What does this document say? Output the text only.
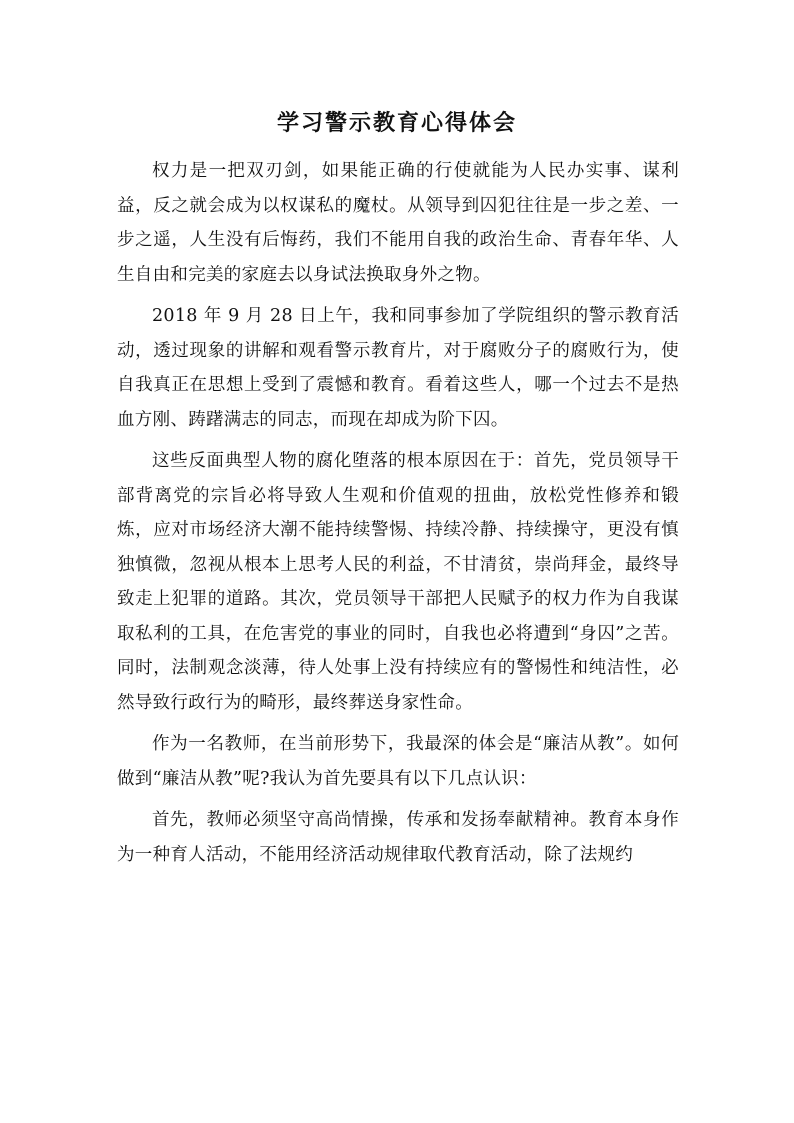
学习警示教育心得体会

权力是一把双刃剑，如果能正确的行使就能为人民办实事、谋利益，反之就会成为以权谋私的魔杖。从领导到囚犯往往是一步之差、一步之遥，人生没有后悔药，我们不能用自我的政治生命、青春年华、人生自由和完美的家庭去以身试法换取身外之物。

2018 年 9 月 28 日上午，我和同事参加了学院组织的警示教育活动，透过现象的讲解和观看警示教育片，对于腐败分子的腐败行为，使自我真正在思想上受到了震憾和教育。看着这些人，哪一个过去不是热血方刚、踌躇满志的同志，而现在却成为阶下囚。

这些反面典型人物的腐化堕落的根本原因在于：首先，党员领导干部背离党的宗旨必将导致人生观和价值观的扭曲，放松党性修养和锻炼，应对市场经济大潮不能持续警惕、持续冷静、持续操守，更没有慎独慎微，忽视从根本上思考人民的利益，不甘清贫，崇尚拜金，最终导致走上犯罪的道路。其次，党员领导干部把人民赋予的权力作为自我谋取私利的工具，在危害党的事业的同时，自我也必将遭到“身囚”之苦。同时，法制观念淡薄，待人处事上没有持续应有的警惕性和纯洁性，必然导致行政行为的畸形，最终葬送身家性命。

作为一名教师，在当前形势下，我最深的体会是“廉洁从教”。如何做到“廉洁从教”呢?我认为首先要具有以下几点认识：

首先，教师必须坚守高尚情操，传承和发扬奉献精神。教育本身作为一种育人活动，不能用经济活动规律取代教育活动，除了法规约
